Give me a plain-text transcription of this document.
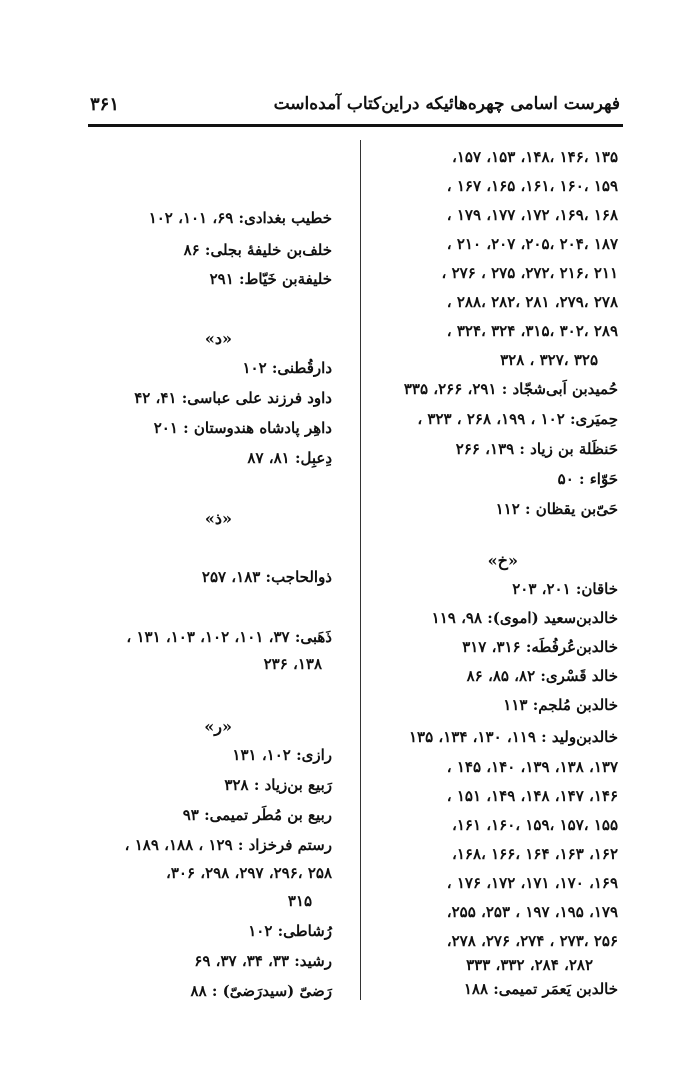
فهرست اسامی چهره‌هائیکه دراین‌کتاب آمده‌است
۳۶۱
۱۳۵ ،۱۴۶ ،۱۴۸، ۱۵۳، ۱۵۷،
۱۵۹ ،۱۶۰ ،۱۶۱، ۱۶۵، ۱۶۷ ،
۱۶۸ ،۱۶۹، ۱۷۲، ۱۷۷، ۱۷۹ ،
۱۸۷ ،۲۰۴ ،۲۰۵، ۲۰۷، ۲۱۰ ،
۲۱۱ ،۲۱۶ ،۲۷۲، ۲۷۵ ، ۲۷۶ ،
۲۷۸ ،۲۷۹، ۲۸۱ ،۲۸۲ ،۲۸۸ ،
۲۸۹ ،۳۰۲ ،۳۱۵، ۳۲۴ ،۳۲۴ ،
۳۲۵ ،۳۲۷ ، ۳۲۸
حُمیدبن اَبی‌شجّاد : ۲۹۱، ۲۶۶، ۳۳۵
حِمیَری: ۱۰۲ ، ۱۹۹، ۲۶۸ ، ۳۲۳ ،
حَنظَلة بن زیاد : ۱۳۹، ۲۶۶
حَوّاء : ۵۰
حَیّ‌بن یقظان : ۱۱۲
«خ»
خاقان: ۲۰۱، ۲۰۳
خالدبن‌سعید (اموی): ۹۸، ۱۱۹
خالدبن‌عُرفُطَه: ۳۱۶، ۳۱۷
خالد قَسْری: ۸۲، ۸۵، ۸۶
خالدبن مُلجم: ۱۱۳
خالدبن‌ولید : ۱۱۹، ۱۳۰، ۱۳۴، ۱۳۵
۱۳۷، ۱۳۸، ۱۳۹، ۱۴۰، ۱۴۵ ،
۱۴۶، ۱۴۷، ۱۴۸، ۱۴۹، ۱۵۱ ،
۱۵۵ ،۱۵۷ ،۱۵۹ ،۱۶۰، ۱۶۱،
۱۶۲، ۱۶۳، ۱۶۴ ،۱۶۶ ،۱۶۸،
۱۶۹، ۱۷۰، ۱۷۱، ۱۷۲، ۱۷۶ ،
۱۷۹، ۱۹۵، ۱۹۷ ، ۲۵۳، ۲۵۵،
۲۵۶ ،۲۷۳ ، ۲۷۴، ۲۷۶، ۲۷۸،
۲۸۲، ۲۸۴، ۳۳۲، ۳۳۳
خالدبن یَعمَر تمیمی: ۱۸۸
خطیب بغدادی: ۶۹، ۱۰۱، ۱۰۲
خلف‌بن خلیفهٔ بجلی: ۸۶
خلیفةبن خَیّاط: ۲۹۱
«د»
دارقُطنی: ۱۰۲
داود فرزند علی عباسی: ۴۱، ۴۲
داهِر پادشاه هندوستان : ۲۰۱
دِعبِل: ۸۱، ۸۷
«ذ»
ذوالحاجب: ۱۸۳، ۲۵۷
ذَهَبی: ۳۷، ۱۰۱، ۱۰۲، ۱۰۳، ۱۳۱ ،
۱۳۸، ۲۳۶
«ر»
رازی: ۱۰۲، ۱۳۱
رَبیع بن‌زیاد : ۳۲۸
ربیع بن مُطَر تمیمی: ۹۳
رستم فرخزاد : ۱۲۹ ، ۱۸۸، ۱۸۹ ،
۲۵۸ ،۲۹۶، ۲۹۷، ۲۹۸، ۳۰۶،
۳۱۵
رُشاطی: ۱۰۲
رشید: ۳۳، ۳۴، ۳۷، ۶۹
رَضیّ (سیدرَضیّ) : ۸۸
